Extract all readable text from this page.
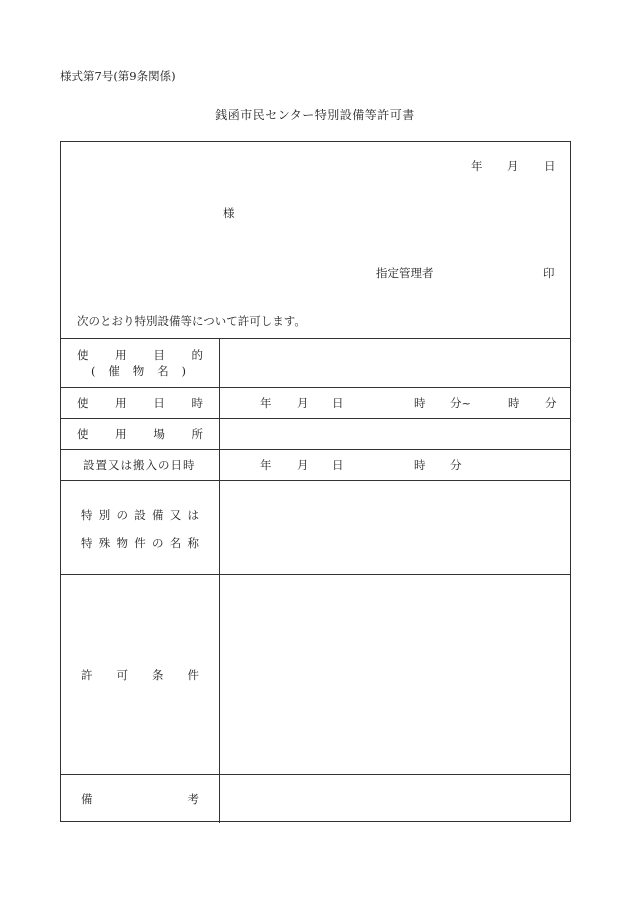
様式第7号(第9条関係)
銭函市民センター特別設備等許可書
年 月 日
様
指定管理者	印
次のとおり特別設備等について許可します。
使 用 目 的
( 催 物 名 )
使 用 日 時	年 月 日	時 分~	時 分
使 用 場 所
設置又は搬入の日時	年 月 日	時 分
特 別 の 設 備 又 は
特 殊 物 件 の 名 称
許 可 条 件
備	考
